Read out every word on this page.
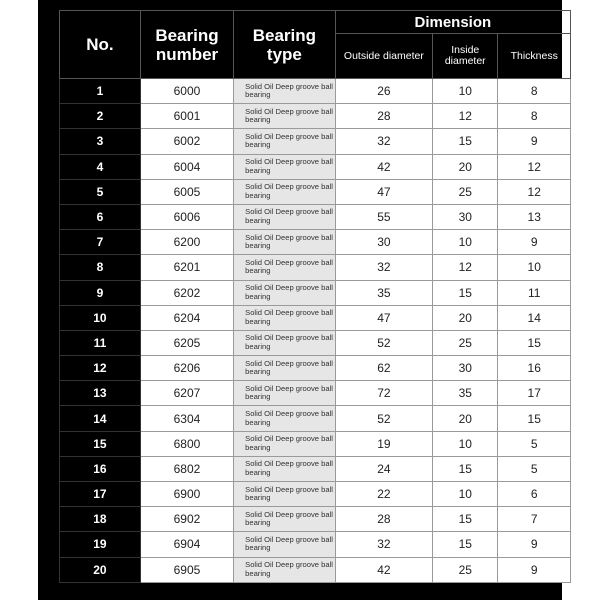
No.	Bearing number	Bearing type	Dimension		
			Outside diameter	Inside diameter	Thickness
1	6000	Solid Oil Deep groove ball bearing	26	10	8
2	6001	Solid Oil Deep groove ball bearing	28	12	8
3	6002	Solid Oil Deep groove ball bearing	32	15	9
4	6004	Solid Oil Deep groove ball bearing	42	20	12
5	6005	Solid Oil Deep groove ball bearing	47	25	12
6	6006	Solid Oil Deep groove ball bearing	55	30	13
7	6200	Solid Oil Deep groove ball bearing	30	10	9
8	6201	Solid Oil Deep groove ball bearing	32	12	10
9	6202	Solid Oil Deep groove ball bearing	35	15	11
10	6204	Solid Oil Deep groove ball bearing	47	20	14
11	6205	Solid Oil Deep groove ball bearing	52	25	15
12	6206	Solid Oil Deep groove ball bearing	62	30	16
13	6207	Solid Oil Deep groove ball bearing	72	35	17
14	6304	Solid Oil Deep groove ball bearing	52	20	15
15	6800	Solid Oil Deep groove ball bearing	19	10	5
16	6802	Solid Oil Deep groove ball bearing	24	15	5
17	6900	Solid Oil Deep groove ball bearing	22	10	6
18	6902	Solid Oil Deep groove ball bearing	28	15	7
19	6904	Solid Oil Deep groove ball bearing	32	15	9
20	6905	Solid Oil Deep groove ball bearing	42	25	9
